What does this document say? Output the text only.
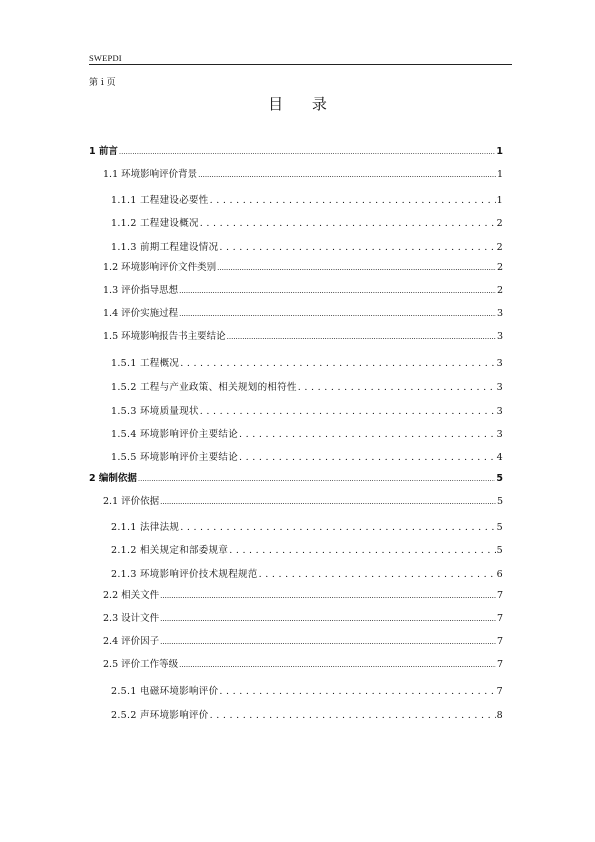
SWEPDI
第 i 页
目 录
1 前言 .....	1
1.1 环境影响评价背景 .....	1
1.1.1 工程建设必要性 .....	1
1.1.2 工程建设概况 .....	2
1.1.3 前期工程建设情况 .....	2
1.2 环境影响评价文件类别 .....	2
1.3 评价指导思想 .....	2
1.4 评价实施过程 .....	3
1.5 环境影响报告书主要结论 .....	3
1.5.1 工程概况 .....	3
1.5.2 工程与产业政策、相关规划的相符性 .....	3
1.5.3 环境质量现状 .....	3
1.5.4 环境影响评价主要结论 .....	3
1.5.5 环境影响评价主要结论 .....	4
2 编制依据 .....	5
2.1 评价依据 .....	5
2.1.1 法律法规 .....	5
2.1.2 相关规定和部委规章 .....	5
2.1.3 环境影响评价技术规程规范 .....	6
2.2 相关文件 .....	7
2.3 设计文件 .....	7
2.4 评价因子 .....	7
2.5 评价工作等级 .....	7
2.5.1 电磁环境影响评价 .....	7
2.5.2 声环境影响评价 .....	8
